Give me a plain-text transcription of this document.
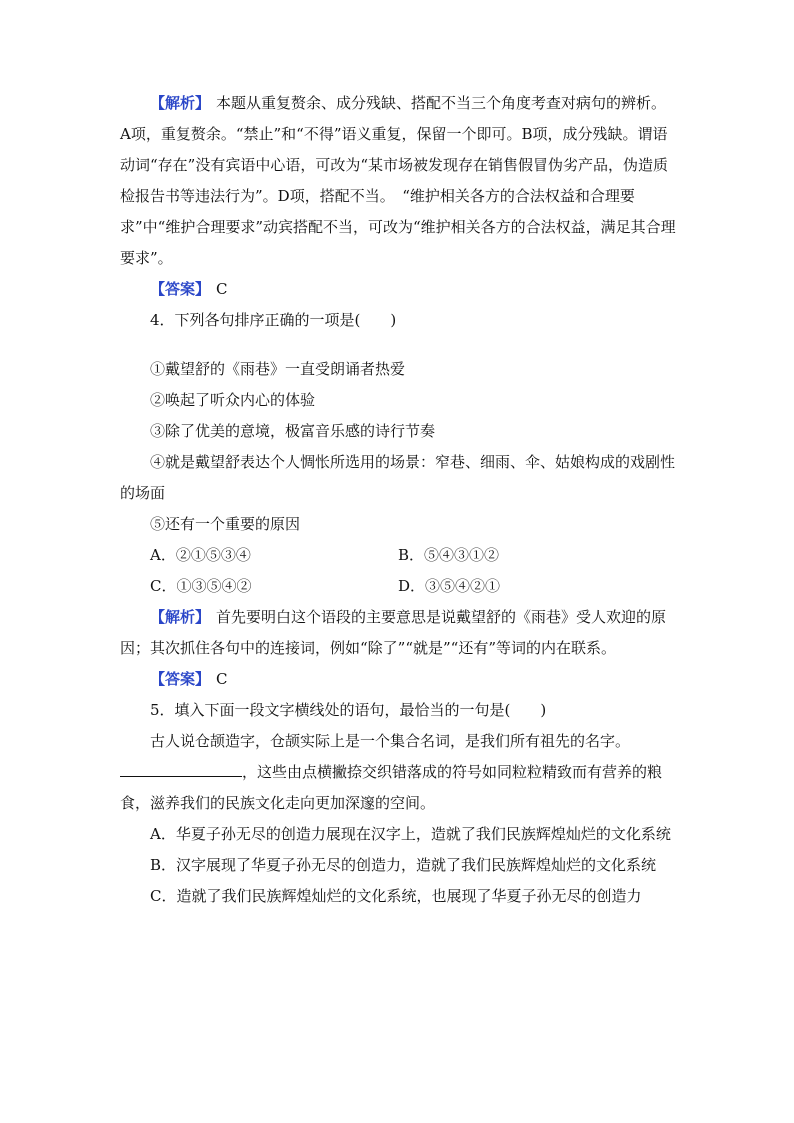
【解析】 本题从重复赘余、成分残缺、搭配不当三个角度考查对病句的辨析。A项，重复赘余。“禁止”和“不得”语义重复，保留一个即可。B项，成分残缺。谓语动词“存在”没有宾语中心语，可改为“某市场被发现存在销售假冒伪劣产品，伪造质检报告书等违法行为”。D项，搭配不当。　“维护相关各方的合法权益和合理要求”中“维护合理要求”动宾搭配不当，可改为“维护相关各方的合法权益，满足其合理要求”。

【答案】 C

4．下列各句排序正确的一项是(　　)

①戴望舒的《雨巷》一直受朗诵者热爱

②唤起了听众内心的体验

③除了优美的意境，极富音乐感的诗行节奏

④就是戴望舒表达个人惆怅所选用的场景：窄巷、细雨、伞、姑娘构成的戏剧性的场面

⑤还有一个重要的原因

A．②①⑤③④	B．⑤④③①②
C．①③⑤④②	D．③⑤④②①

【解析】 首先要明白这个语段的主要意思是说戴望舒的《雨巷》受人欢迎的原因；其次抓住各句中的连接词，例如“除了”“就是”“还有”等词的内在联系。

【答案】 C

5．填入下面一段文字横线处的语句，最恰当的一句是(　　)

古人说仓颉造字，仓颉实际上是一个集合名词，是我们所有祖先的名字。

，这些由点横撇捺交织错落成的符号如同粒粒精致而有营养的粮食，滋养我们的民族文化走向更加深邃的空间。

A．华夏子孙无尽的创造力展现在汉字上，造就了我们民族辉煌灿烂的文化系统

B．汉字展现了华夏子孙无尽的创造力，造就了我们民族辉煌灿烂的文化系统

C．造就了我们民族辉煌灿烂的文化系统，也展现了华夏子孙无尽的创造力
